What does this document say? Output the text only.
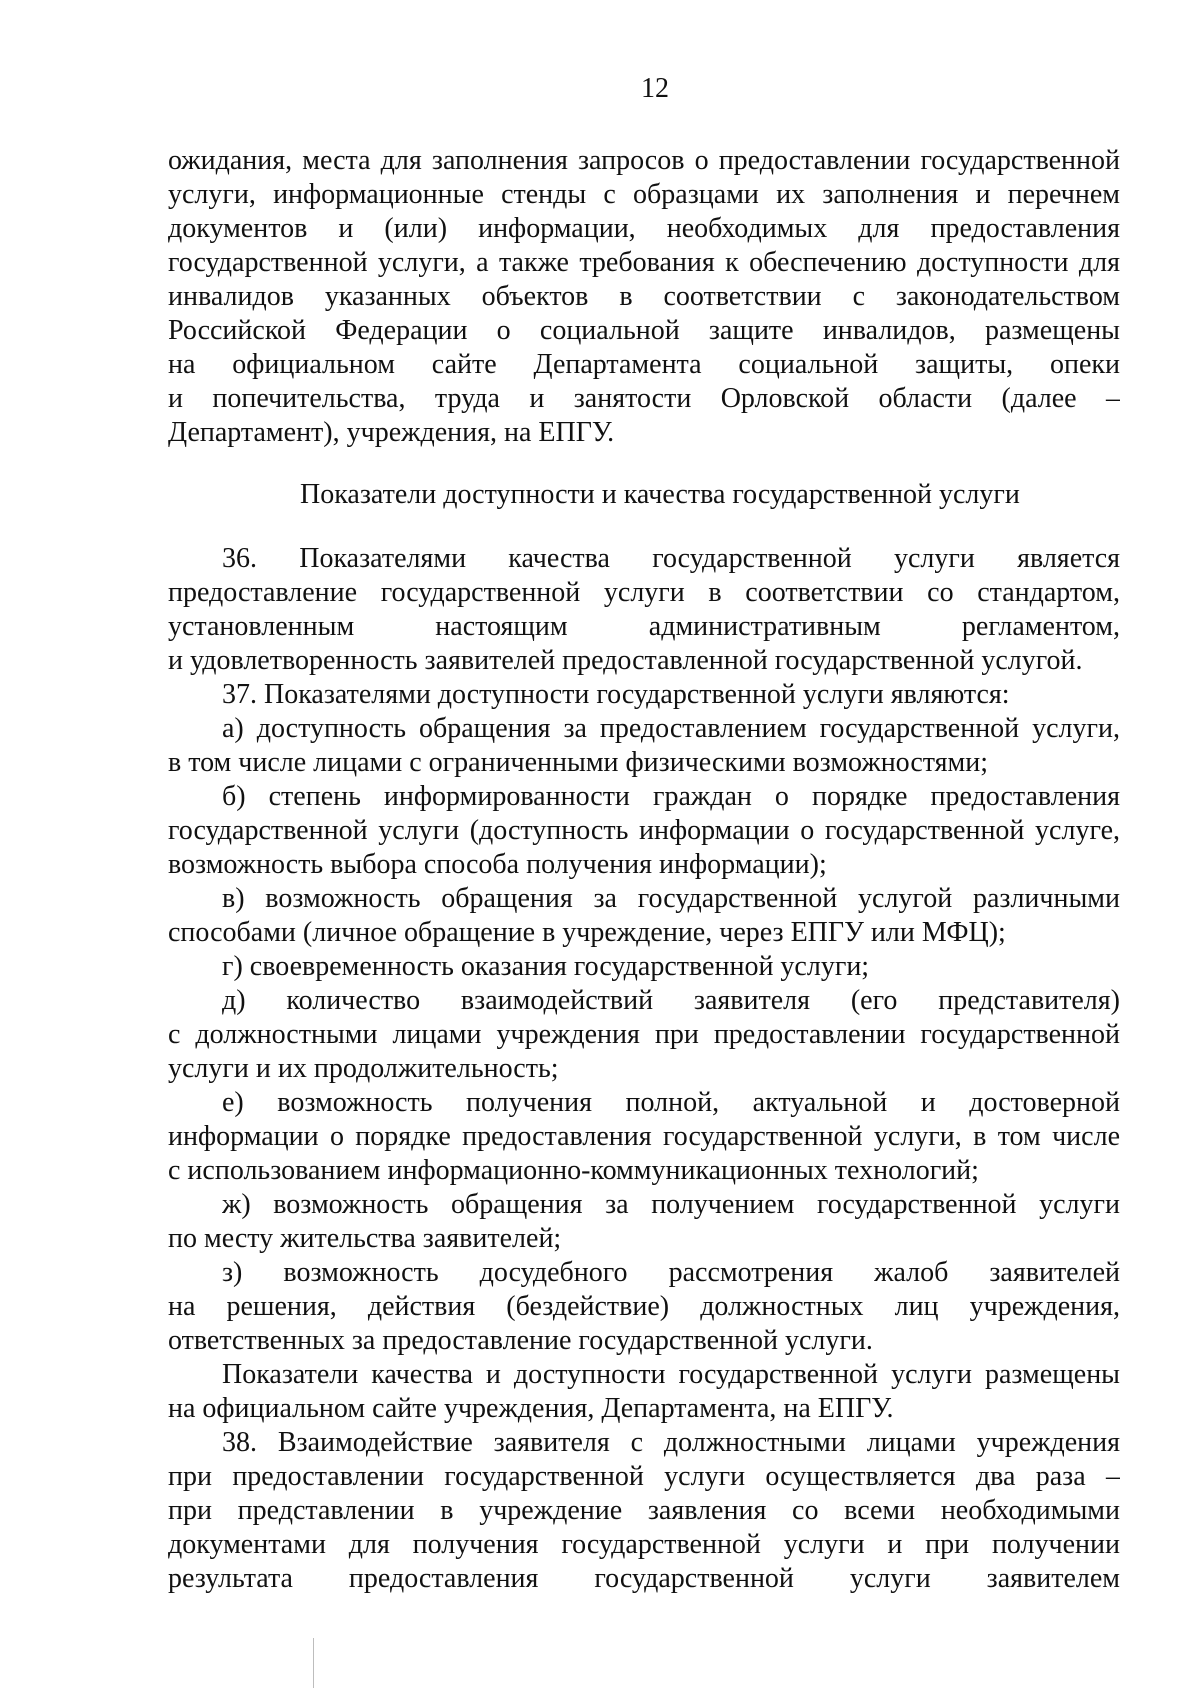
12
ожидания, места для заполнения запросов о предоставлении государственной
услуги, информационные стенды с образцами их заполнения и перечнем
документов и (или) информации, необходимых для предоставления
государственной услуги, а также требования к обеспечению доступности для
инвалидов указанных объектов в соответствии с законодательством
Российской Федерации о социальной защите инвалидов, размещены
на официальном сайте Департамента социальной защиты, опеки
и попечительства, труда и занятости Орловской области (далее –
Департамент), учреждения, на ЕПГУ.
Показатели доступности и качества государственной услуги
36. Показателями качества государственной услуги является
предоставление государственной услуги в соответствии со стандартом,
установленным настоящим административным регламентом,
и удовлетворенность заявителей предоставленной государственной услугой.
37. Показателями доступности государственной услуги являются:
а) доступность обращения за предоставлением государственной услуги,
в том числе лицами с ограниченными физическими возможностями;
б) степень информированности граждан о порядке предоставления
государственной услуги (доступность информации о государственной услуге,
возможность выбора способа получения информации);
в) возможность обращения за государственной услугой различными
способами (личное обращение в учреждение, через ЕПГУ или МФЦ);
г) своевременность оказания государственной услуги;
д) количество взаимодействий заявителя (его представителя)
с должностными лицами учреждения при предоставлении государственной
услуги и их продолжительность;
е) возможность получения полной, актуальной и достоверной
информации о порядке предоставления государственной услуги, в том числе
с использованием информационно-коммуникационных технологий;
ж) возможность обращения за получением государственной услуги
по месту жительства заявителей;
з) возможность досудебного рассмотрения жалоб заявителей
на решения, действия (бездействие) должностных лиц учреждения,
ответственных за предоставление государственной услуги.
Показатели качества и доступности государственной услуги размещены
на официальном сайте учреждения, Департамента, на ЕПГУ.
38. Взаимодействие заявителя с должностными лицами учреждения
при предоставлении государственной услуги осуществляется два раза –
при представлении в учреждение заявления со всеми необходимыми
документами для получения государственной услуги и при получении
результата предоставления государственной услуги заявителем
